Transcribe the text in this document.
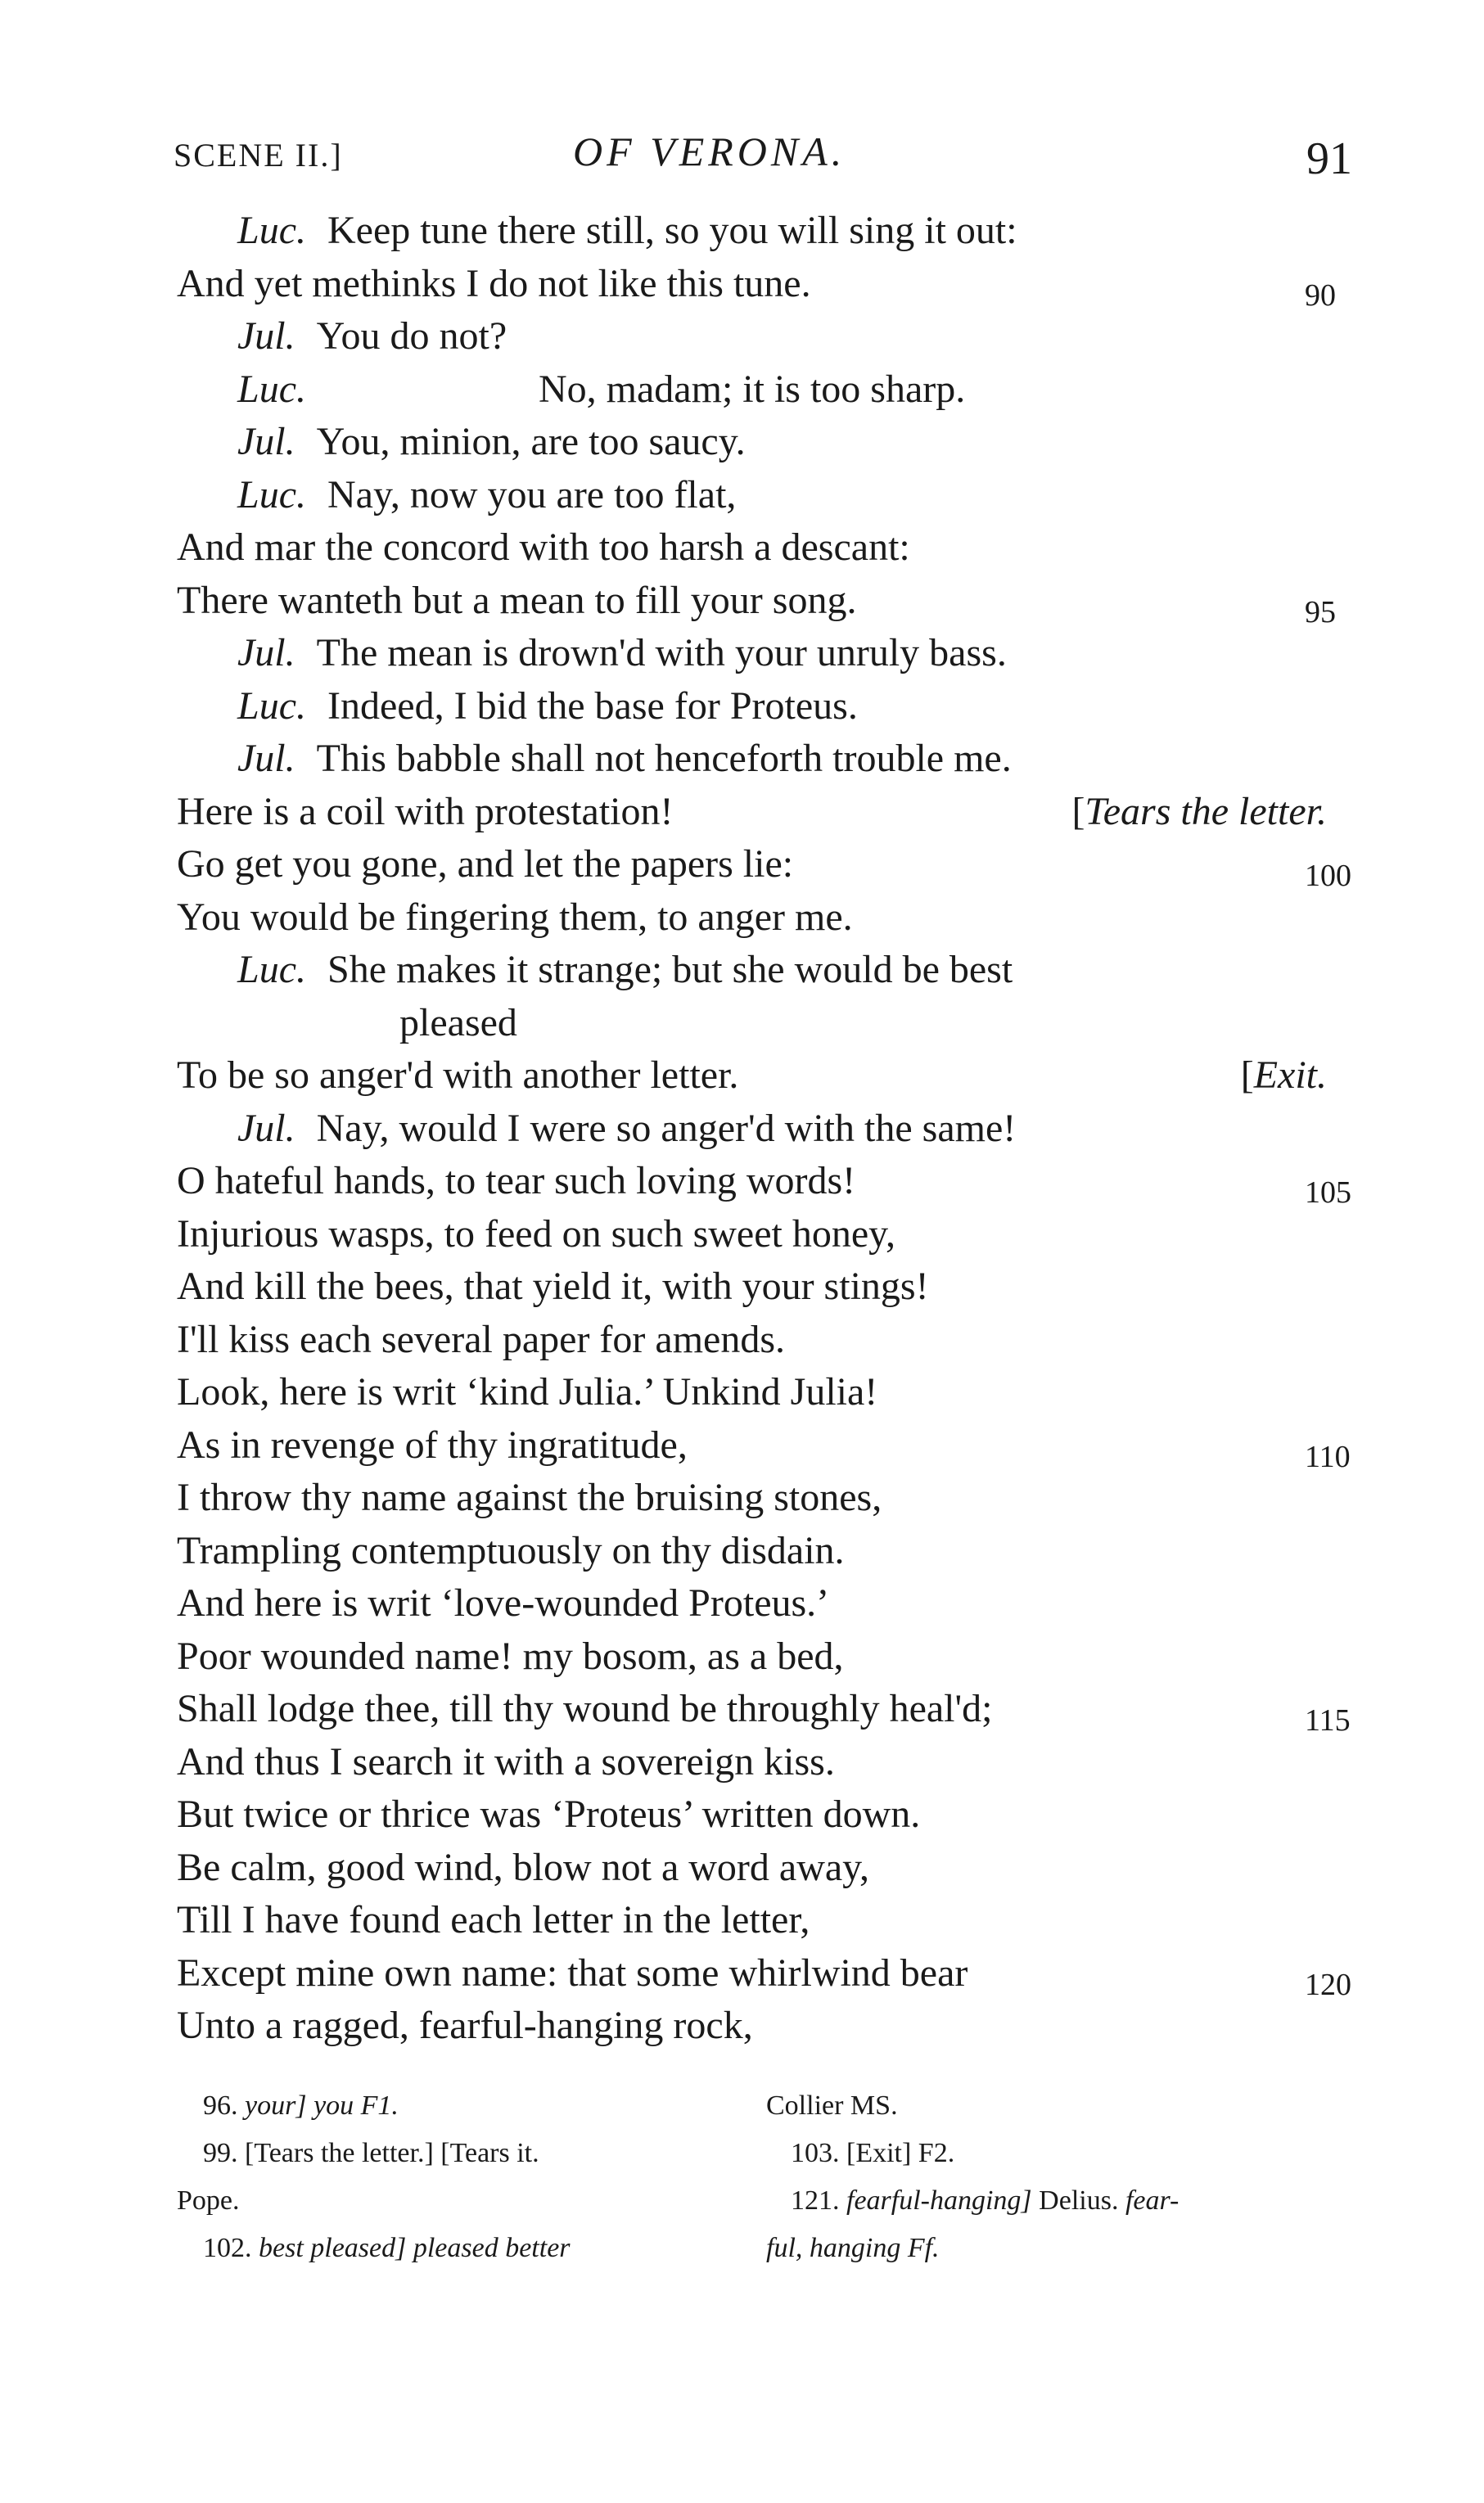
SCENE II.]	OF VERONA.	91
Luc. Keep tune there still, so you will sing it out:
And yet methinks I do not like this tune.	90
Jul. You do not?
Luc.	No, madam; it is too sharp.
Jul. You, minion, are too saucy.
Luc. Nay, now you are too flat,
And mar the concord with too harsh a descant:
There wanteth but a mean to fill your song.	95
Jul. The mean is drown'd with your unruly bass.
Luc. Indeed, I bid the base for Proteus.
Jul. This babble shall not henceforth trouble me.
Here is a coil with protestation!	[Tears the letter.
Go get you gone, and let the papers lie:	100
You would be fingering them, to anger me.
Luc. She makes it strange; but she would be best
pleased
To be so anger'd with another letter.	[Exit.
Jul. Nay, would I were so anger'd with the same!
O hateful hands, to tear such loving words!	105
Injurious wasps, to feed on such sweet honey,
And kill the bees, that yield it, with your stings!
I'll kiss each several paper for amends.
Look, here is writ ‘kind Julia.’ Unkind Julia!
As in revenge of thy ingratitude,	110
I throw thy name against the bruising stones,
Trampling contemptuously on thy disdain.
And here is writ ‘love-wounded Proteus.’
Poor wounded name! my bosom, as a bed,
Shall lodge thee, till thy wound be throughly heal'd;	115
And thus I search it with a sovereign kiss.
But twice or thrice was ‘Proteus’ written down.
Be calm, good wind, blow not a word away,
Till I have found each letter in the letter,
Except mine own name: that some whirlwind bear	120
Unto a ragged, fearful-hanging rock,
96. your] you F1.	Collier MS.
99. [Tears the letter.] [Tears it.	103. [Exit] F2.
Pope.	121. fearful-hanging] Delius. fear-
102. best pleased] pleased better	ful, hanging Ff.
